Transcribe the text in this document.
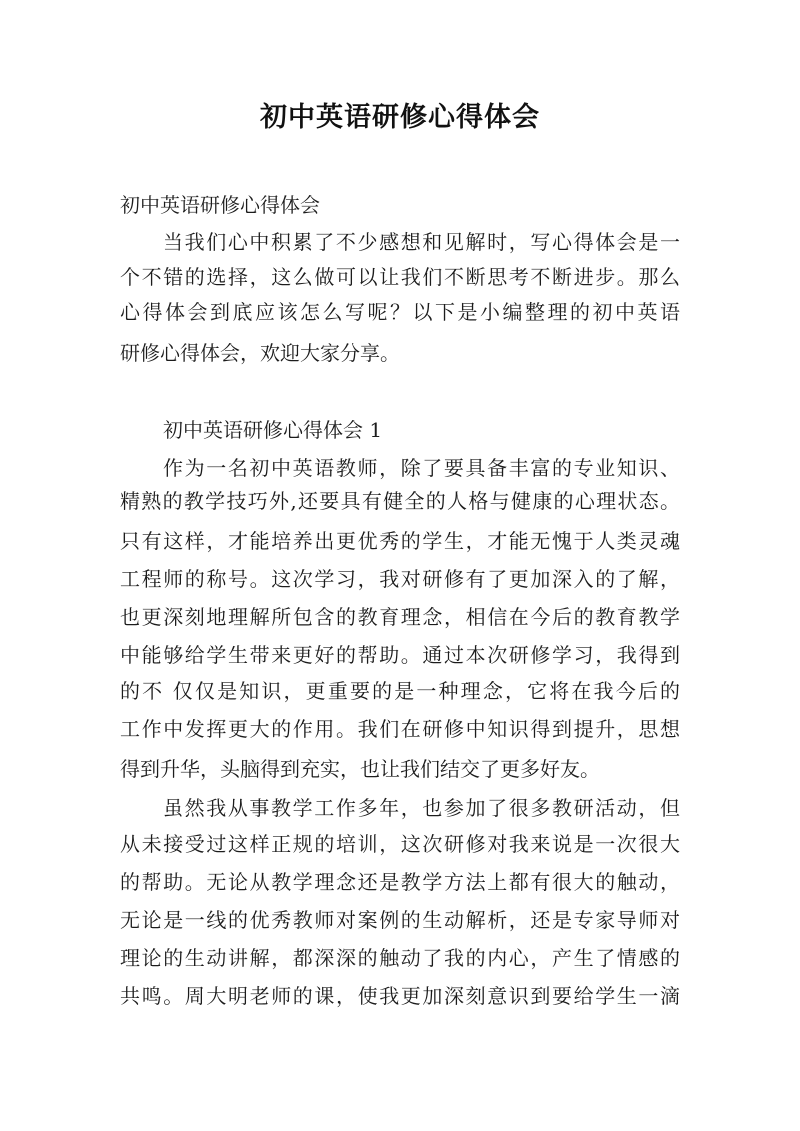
初中英语研修心得体会
初中英语研修心得体会
当我们心中积累了不少感想和见解时，写心得体会是一
个不错的选择，这么做可以让我们不断思考不断进步。那么
心得体会到底应该怎么写呢？以下是小编整理的初中英语
研修心得体会，欢迎大家分享。
初中英语研修心得体会 1
作为一名初中英语教师，除了要具备丰富的专业知识、
精熟的教学技巧外,还要具有健全的人格与健康的心理状态。
只有这样，才能培养出更优秀的学生，才能无愧于人类灵魂
工程师的称号。这次学习，我对研修有了更加深入的了解，
也更深刻地理解所包含的教育理念，相信在今后的教育教学
中能够给学生带来更好的帮助。通过本次研修学习，我得到
的不 仅仅是知识，更重要的是一种理念，它将在我今后的
工作中发挥更大的作用。我们在研修中知识得到提升，思想
得到升华，头脑得到充实，也让我们结交了更多好友。
虽然我从事教学工作多年，也参加了很多教研活动，但
从未接受过这样正规的培训，这次研修对我来说是一次很大
的帮助。无论从教学理念还是教学方法上都有很大的触动，
无论是一线的优秀教师对案例的生动解析，还是专家导师对
理论的生动讲解，都深深的触动了我的内心，产生了情感的
共鸣。周大明老师的课，使我更加深刻意识到要给学生一滴
